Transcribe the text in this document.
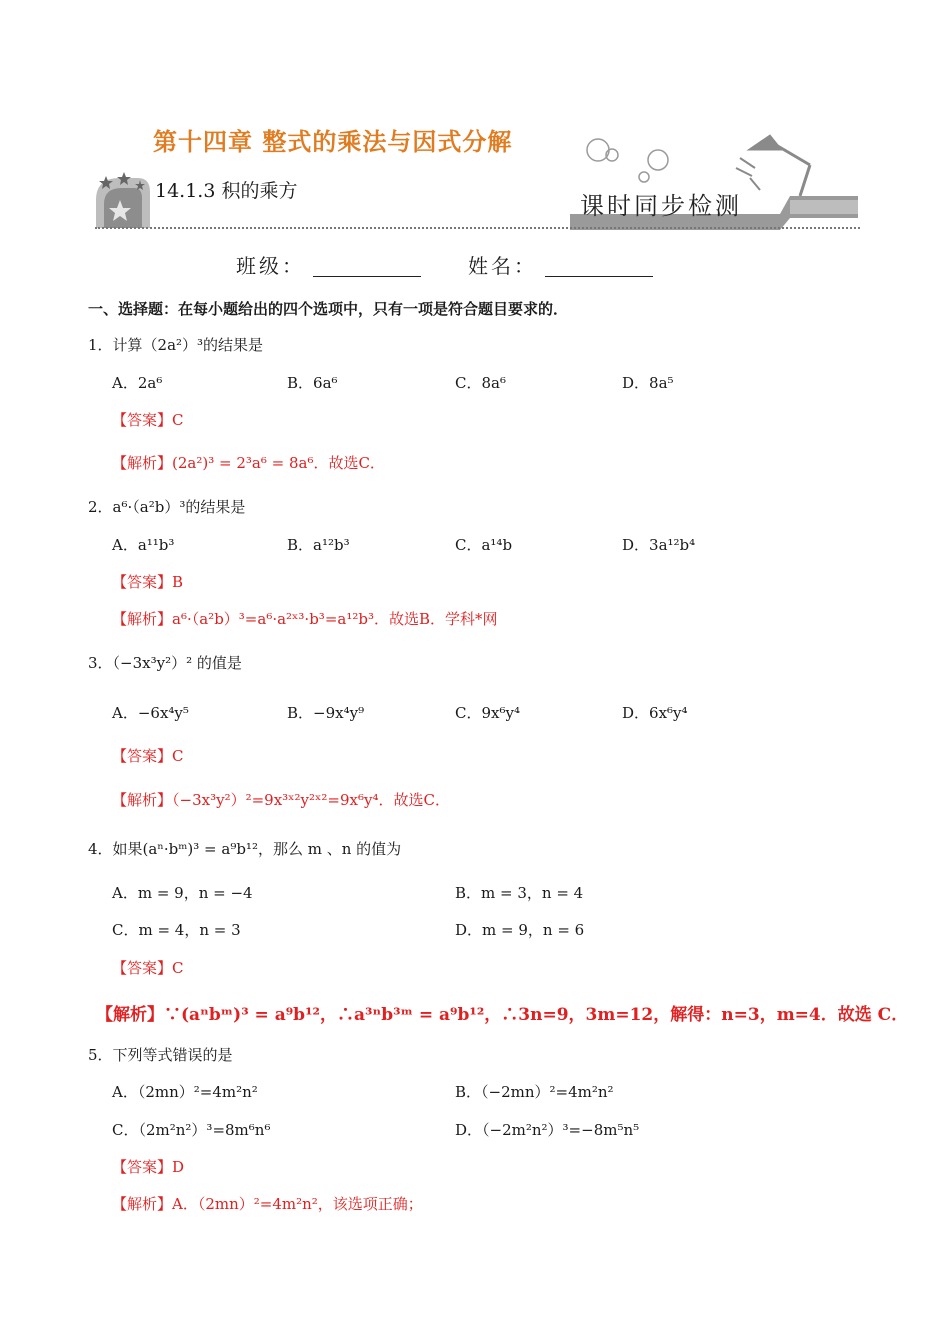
第十四章 整式的乘法与因式分解
14.1.3 积的乘方
课时同步检测
班级：	姓名：
一、选择题：在每小题给出的四个选项中，只有一项是符合题目要求的．
1．计算（2a²）³的结果是
A．2a⁶	B．6a⁶	C．8a⁶	D．8a⁵
【答案】C
【解析】(2a²)³ = 2³a⁶ = 8a⁶．故选C．
2．a⁶·（a²b）³的结果是
A．a¹¹b³	B．a¹²b³	C．a¹⁴b	D．3a¹²b⁴
【答案】B
【解析】a⁶·（a²b）³=a⁶·a²ˣ³·b³=a¹²b³．故选B．学科*网
3．（−3x³y²）² 的值是
A．−6x⁴y⁵	B．−9x⁴y⁹	C．9x⁶y⁴	D．6x⁶y⁴
【答案】C
【解析】（−3x³y²）²=9x³ˣ²y²ˣ²=9x⁶y⁴．故选C．
4．如果(aⁿ·bᵐ)³ = a⁹b¹²，那么 m 、n 的值为
A．m = 9，n = −4	B．m = 3，n = 4
C．m = 4，n = 3	D．m = 9，n = 6
【答案】C
【解析】∵(aⁿbᵐ)³ = a⁹b¹²，∴a³ⁿb³ᵐ = a⁹b¹²，∴3n=9，3m=12，解得：n=3，m=4．故选 C．
5．下列等式错误的是
A．（2mn）²=4m²n²	B．（−2mn）²=4m²n²
C．（2m²n²）³=8m⁶n⁶	D．（−2m²n²）³=−8m⁵n⁵
【答案】D
【解析】A．（2mn）²=4m²n²，该选项正确；
